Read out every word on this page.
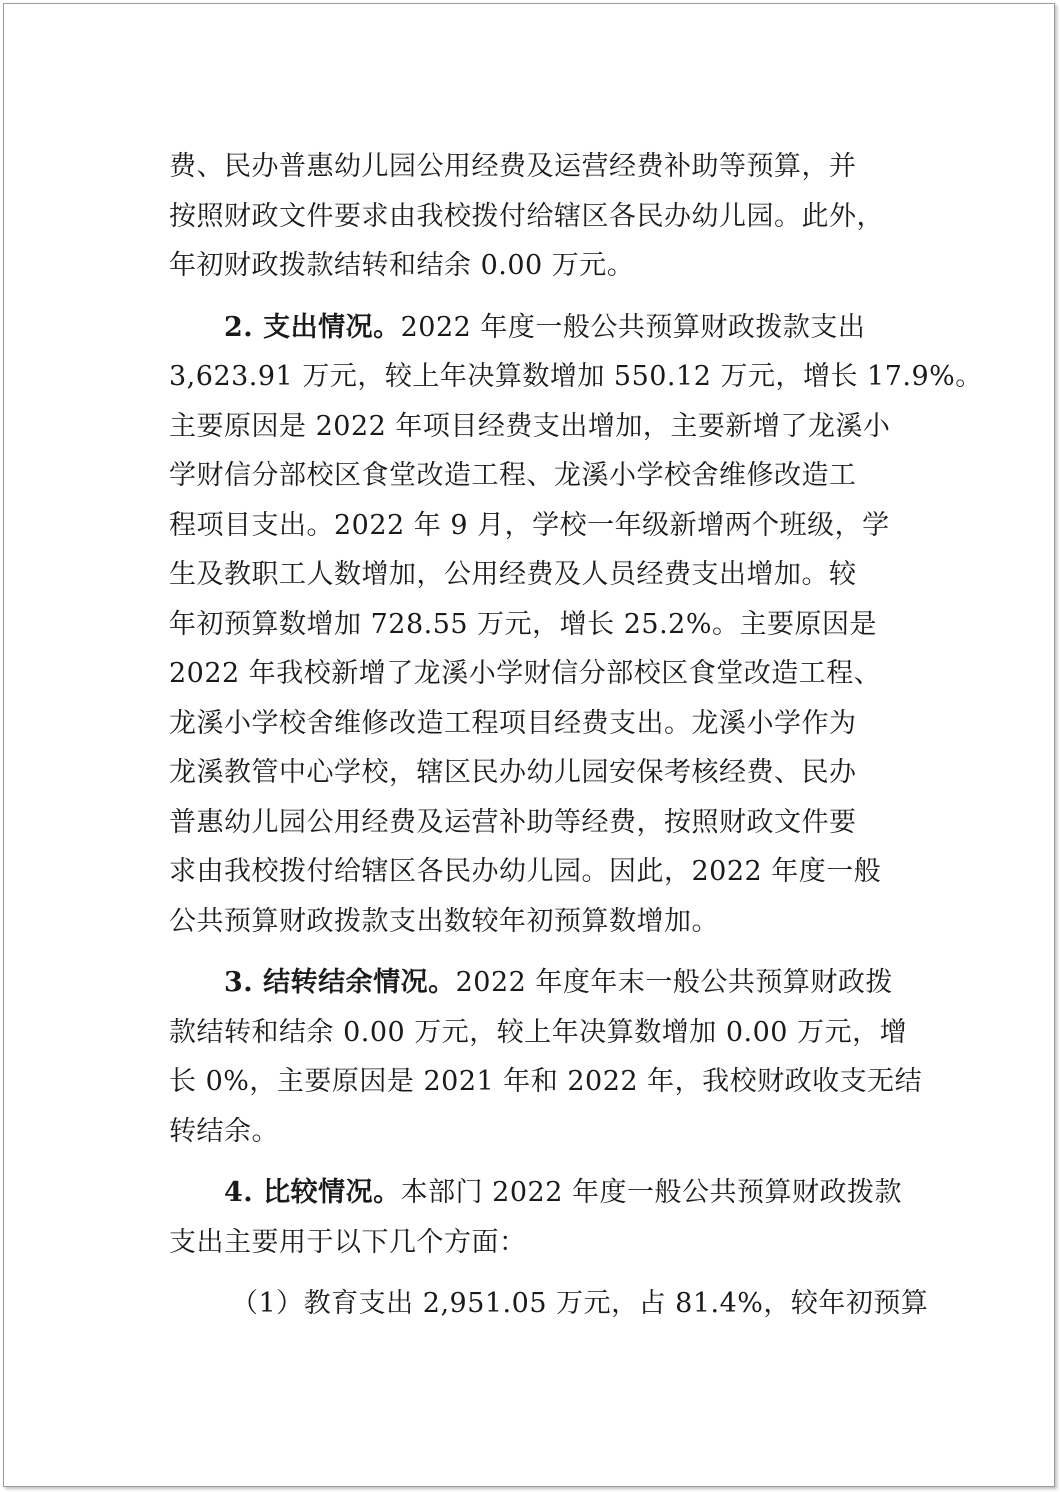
费、民办普惠幼儿园公用经费及运营经费补助等预算，并
按照财政文件要求由我校拨付给辖区各民办幼儿园。此外，
年初财政拨款结转和结余 0.00 万元。
2. 支出情况。2022 年度一般公共预算财政拨款支出
3,623.91 万元，较上年决算数增加 550.12 万元，增长 17.9%。
主要原因是 2022 年项目经费支出增加，主要新增了龙溪小
学财信分部校区食堂改造工程、龙溪小学校舍维修改造工
程项目支出。2022 年 9 月，学校一年级新增两个班级，学
生及教职工人数增加，公用经费及人员经费支出增加。较
年初预算数增加 728.55 万元，增长 25.2%。主要原因是
2022 年我校新增了龙溪小学财信分部校区食堂改造工程、
龙溪小学校舍维修改造工程项目经费支出。龙溪小学作为
龙溪教管中心学校，辖区民办幼儿园安保考核经费、民办
普惠幼儿园公用经费及运营补助等经费，按照财政文件要
求由我校拨付给辖区各民办幼儿园。因此，2022 年度一般
公共预算财政拨款支出数较年初预算数增加。
3. 结转结余情况。2022 年度年末一般公共预算财政拨
款结转和结余 0.00 万元，较上年决算数增加 0.00 万元，增
长 0%，主要原因是 2021 年和 2022 年，我校财政收支无结
转结余。
4. 比较情况。本部门 2022 年度一般公共预算财政拨款
支出主要用于以下几个方面：
（1）教育支出 2,951.05 万元，占 81.4%，较年初预算
